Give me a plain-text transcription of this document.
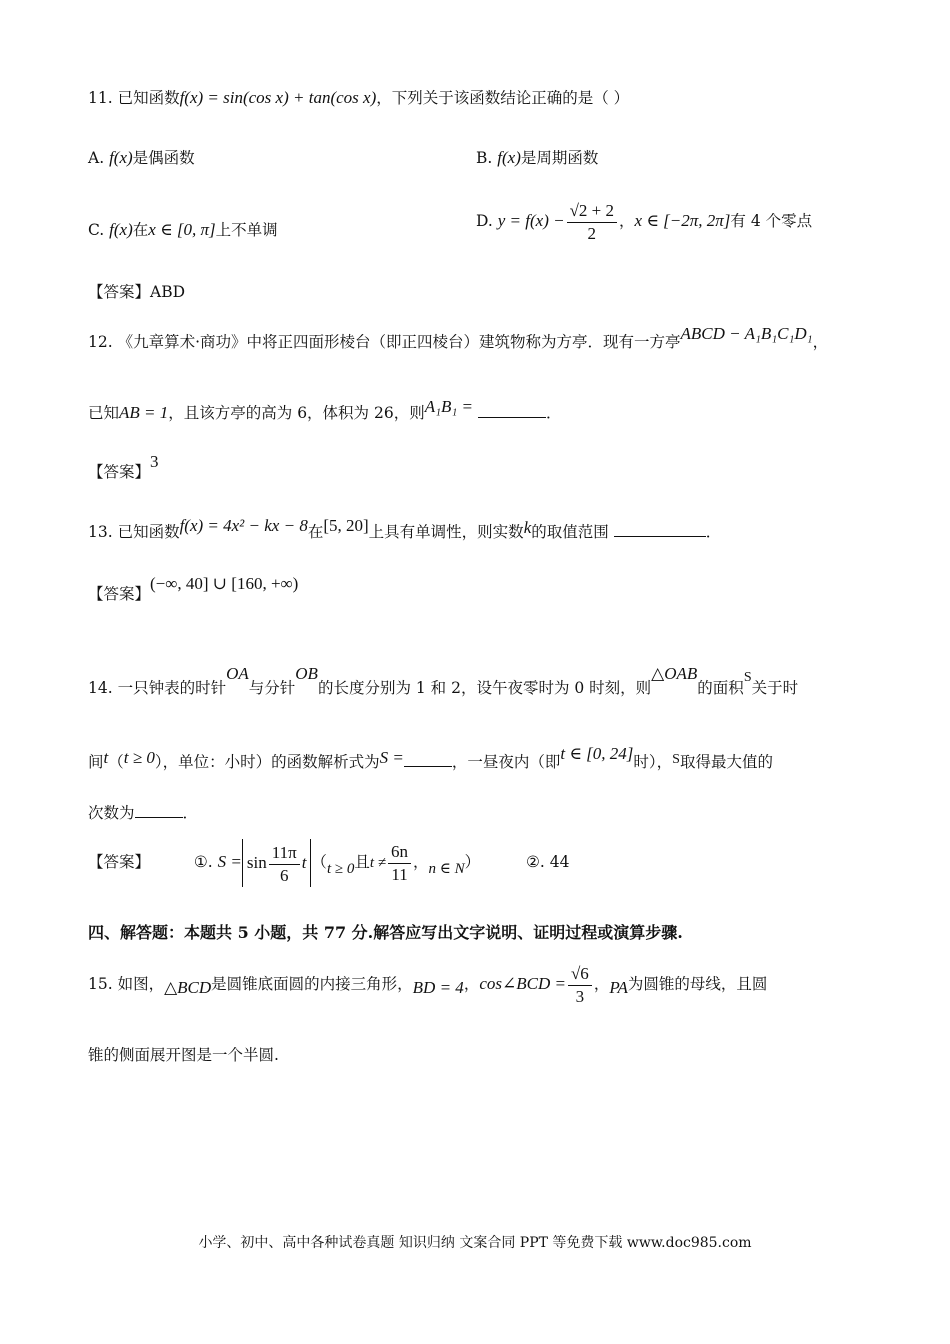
11. 已知函数f(x) = sin(cos x) + tan(cos x)，下列关于该函数结论正确的是（ ）
A. f(x)是偶函数	B. f(x)是周期函数
C. f(x)在x ∈ [0, π]上不单调	D. $y = f(x) - \frac{√2 + 2}{2}$ ，x ∈ [−2π, 2π]有 4 个零点
【答案】ABD
12. 《九章算术·商功》中将正四面形棱台（即正四棱台）建筑物称为方亭．现有一方亭ABCD − A₁B₁C₁D₁，
已知AB = 1，且该方亭的高为 6，体积为 26，则A₁B₁ =	．
【答案】3
13. 已知函数f(x) = 4x² − kx − 8在[5, 20]上具有单调性，则实数k的取值范围	．
【答案】(−∞, 40] ∪ [160, +∞)
14. 一只钟表的时针OA与分针OB的长度分别为 1 和 2，设午夜零时为 0 时刻，则△OAB的面积S关于时
间t（t ≥ 0），单位：小时）的函数解析式为S =	，一昼夜内（即t ∈ [0, 24]时），S取得最大值的
次数为	．
【答案】	①. $S = \sin \frac{11\pi}{6}$ t （t ≥ 0且$t \ne \frac{6n}{11}$ ，n ∈ N）	②. 44
四、解答题：本题共 5 小题，共 77 分.解答应写出文字说明、证明过程或演算步骤.
15. 如图，△BCD是圆锥底面圆的内接三角形，BD = 4，cos∠BCD = $\frac{√6}{3}$ ，PA为圆锥的母线，且圆
锥的侧面展开图是一个半圆.
小学、初中、高中各种试卷真题 知识归纳 文案合同 PPT 等免费下载 www.doc985.com
